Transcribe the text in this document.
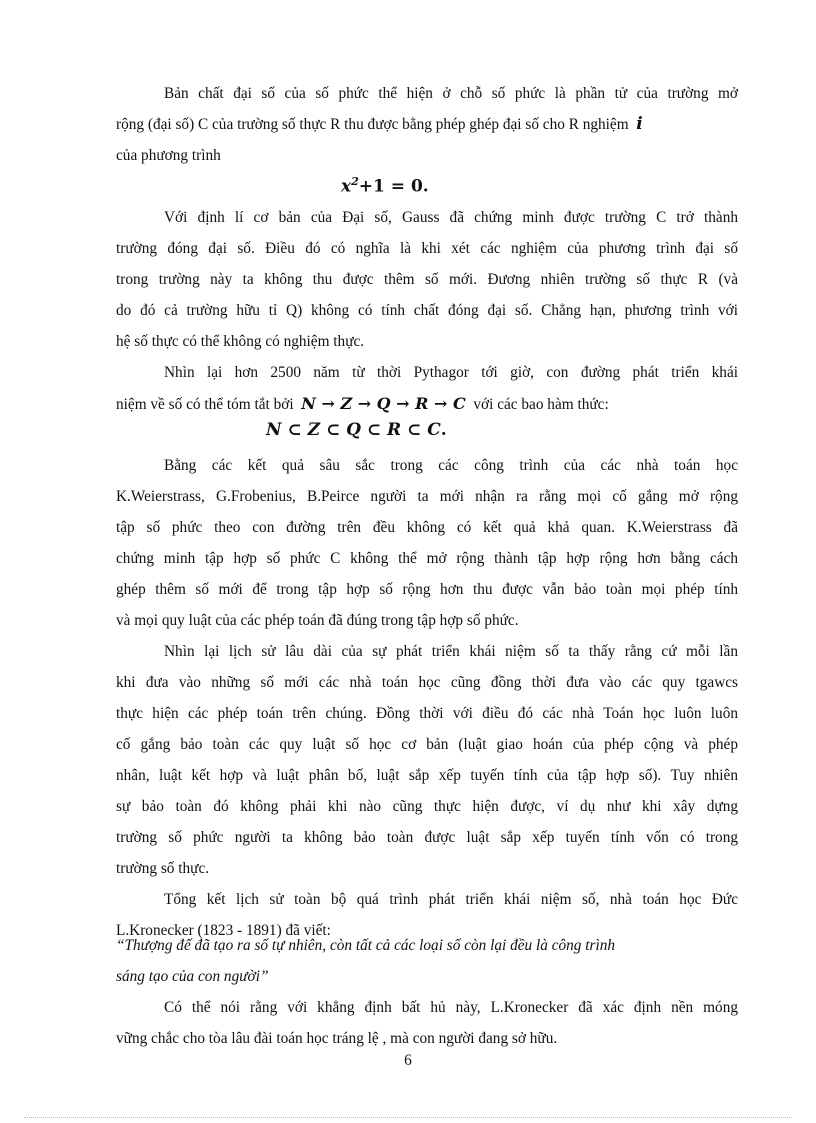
Bản chất đại số của số phức thể hiện ở chỗ số phức là phần tử của trường mở
rộng (đại số) C của trường số thực R thu được bằng phép ghép đại số cho R nghiệm i
của phương trình
$x^2+1 = 0$.
Với định lí cơ bản của Đại số, Gauss đã chứng minh được trường C trở thành
trường đóng đại số. Điều đó có nghĩa là khi xét các nghiệm của phương trình đại số
trong trường này ta không thu được thêm số mới. Đương nhiên trường số thực R (và
do đó cả trường hữu tỉ Q) không có tính chất đóng đại số. Chẳng hạn, phương trình với
hệ số thực có thể không có nghiệm thực.
Nhìn lại hơn 2500 năm từ thời Pythagor tới giờ, con đường phát triển khái
niệm về số có thể tóm tắt bởi N → Z → Q → R → C với các bao hàm thức:
N ⊂ Z ⊂ Q ⊂ R ⊂ C.
Bằng các kết quả sâu sắc trong các công trình của các nhà toán học
K.Weierstrass, G.Frobenius, B.Peirce người ta mới nhận ra rằng mọi cố gắng mở rộng
tập số phức theo con đường trên đều không có kết quả khả quan. K.Weierstrass đã
chứng minh tập hợp số phức C không thể mở rộng thành tập hợp rộng hơn bằng cách
ghép thêm số mới để trong tập hợp số rộng hơn thu được vẫn bảo toàn mọi phép tính
và mọi quy luật của các phép toán đã đúng trong tập hợp số phức.
Nhìn lại lịch sử lâu dài của sự phát triển khái niệm số ta thấy rằng cứ mỗi lần
khi đưa vào những số mới các nhà toán học cũng đồng thời đưa vào các quy tgawcs
thực hiện các phép toán trên chúng. Đồng thời với điều đó các nhà Toán học luôn luôn
cố gắng bảo toàn các quy luật số học cơ bản (luật giao hoán của phép cộng và phép
nhân, luật kết hợp và luật phân bố, luật sắp xếp tuyến tính của tập hợp số). Tuy nhiên
sự bảo toàn đó không phải khi nào cũng thực hiện được, ví dụ như khi xây dựng
trường số phức người ta không bảo toàn được luật sắp xếp tuyến tính vốn có trong
trường số thực.
Tổng kết lịch sử toàn bộ quá trình phát triển khái niệm số, nhà toán học Đức
L.Kronecker (1823 - 1891) đã viết:
“Thượng đế đã tạo ra số tự nhiên, còn tất cả các loại số còn lại đều là công trình
sáng tạo của con người”
Có thể nói rằng với khẳng định bất hủ này, L.Kronecker đã xác định nền móng
vững chắc cho tòa lâu đài toán học tráng lệ , mà con người đang sở hữu.
6
